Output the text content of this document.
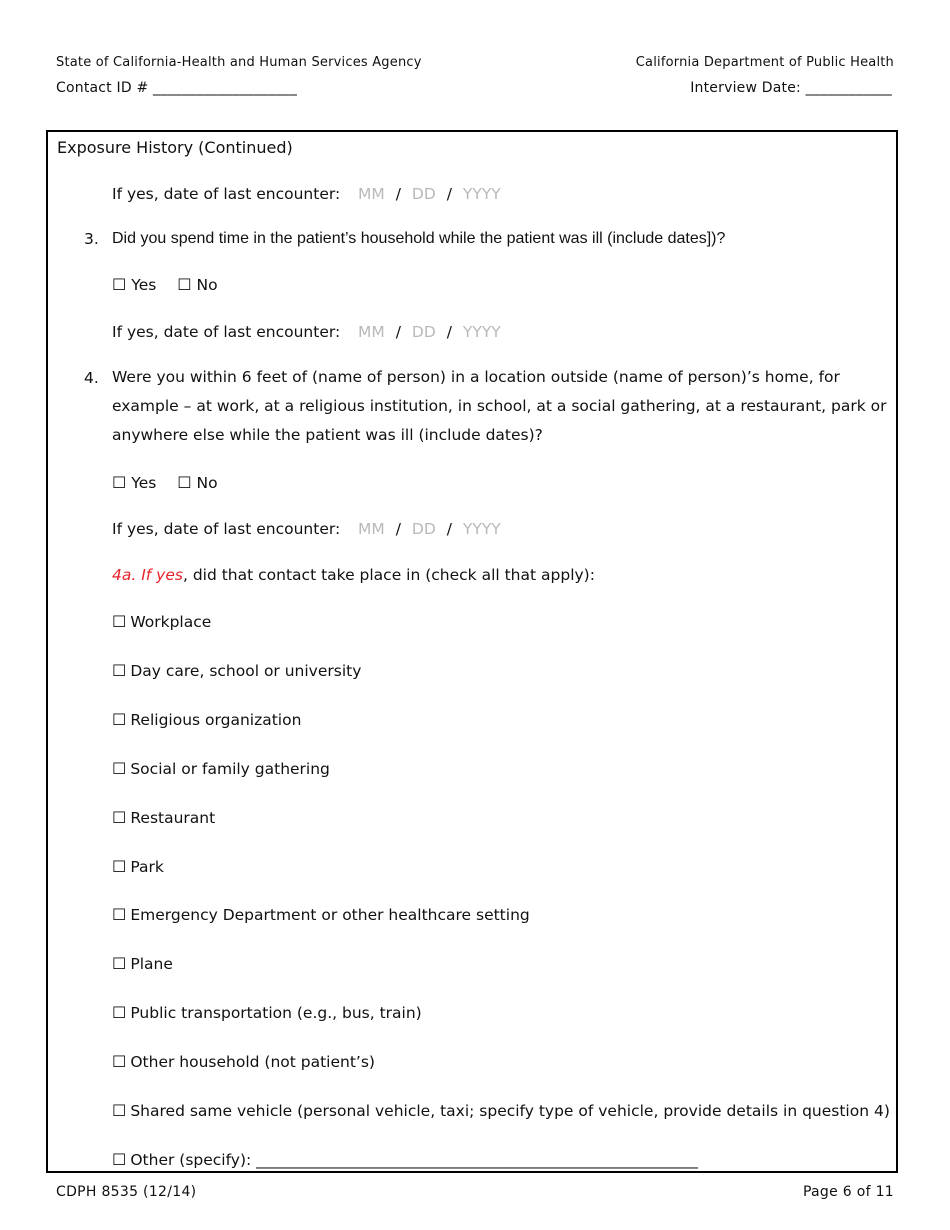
State of California-Health and Human Services Agency	California Department of Public Health
Contact ID # ____________________	Interview Date: ____________
Exposure History (Continued)
If yes, date of last encounter: MM / DD / YYYY
3. Did you spend time in the patient’s household while the patient was ill (include dates])?
☐ Yes ☐ No
If yes, date of last encounter: MM / DD / YYYY
4. Were you within 6 feet of (name of person) in a location outside (name of person)’s home, for example – at work, at a religious institution, in school, at a social gathering, at a restaurant, park or anywhere else while the patient was ill (include dates)?
☐ Yes ☐ No
If yes, date of last encounter: MM / DD / YYYY
4a. If yes, did that contact take place in (check all that apply):
☐ Workplace
☐ Day care, school or university
☐ Religious organization
☐ Social or family gathering
☐ Restaurant
☐ Park
☐ Emergency Department or other healthcare setting
☐ Plane
☐ Public transportation (e.g., bus, train)
☐ Other household (not patient’s)
☐ Shared same vehicle (personal vehicle, taxi; specify type of vehicle, provide details in question 4)
☐ Other (specify): _________________________________________________________
CDPH 8535 (12/14)	Page 6 of 11
